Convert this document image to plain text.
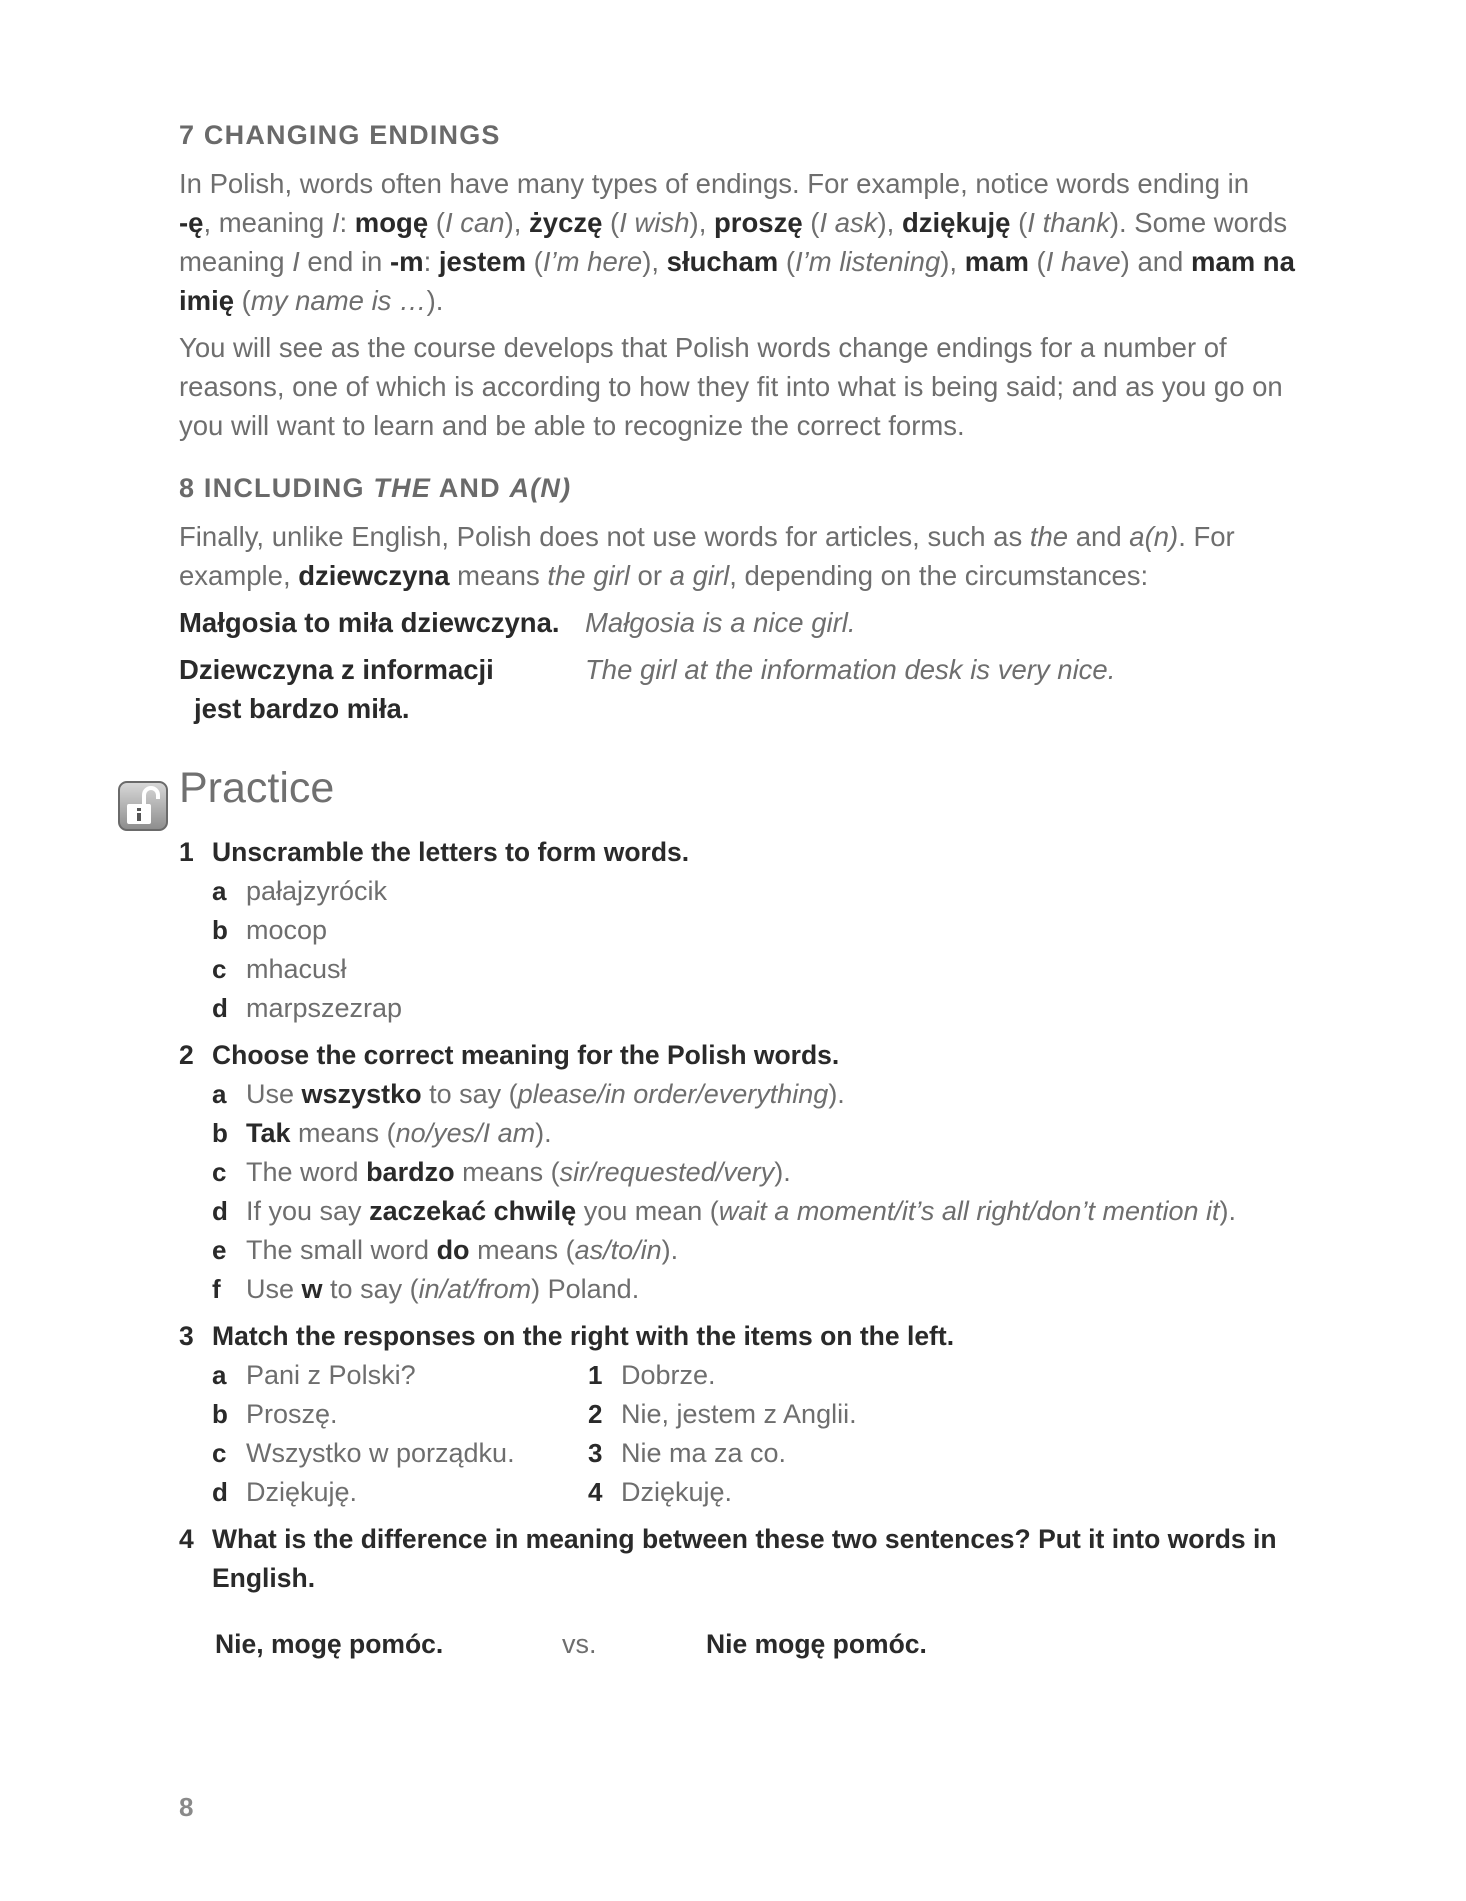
7 CHANGING ENDINGS
In Polish, words often have many types of endings. For example, notice words ending in
-ę, meaning I: mogę (I can), życzę (I wish), proszę (I ask), dziękuję (I thank). Some words
meaning I end in -m: jestem (I’m here), słucham (I’m listening), mam (I have) and mam na
imię (my name is …).
You will see as the course develops that Polish words change endings for a number of
reasons, one of which is according to how they fit into what is being said; and as you go on
you will want to learn and be able to recognize the correct forms.
8 INCLUDING THE AND A(N)
Finally, unlike English, Polish does not use words for articles, such as the and a(n). For
example, dziewczyna means the girl or a girl, depending on the circumstances:
Małgosia to miła dziewczyna. Małgosia is a nice girl.
Dziewczyna z informacji
jest bardzo miła.
The girl at the information desk is very nice.
Practice
1 Unscramble the letters to form words.
a pałajzyrócik
b mocop
c mhacusł
d marpszezrap
2 Choose the correct meaning for the Polish words.
a Use wszystko to say (please/in order/everything).
b Tak means (no/yes/I am).
c The word bardzo means (sir/requested/very).
d If you say zaczekać chwilę you mean (wait a moment/it’s all right/don’t mention it).
e The small word do means (as/to/in).
f Use w to say (in/at/from) Poland.
3 Match the responses on the right with the items on the left.
a Pani z Polski?	1 Dobrze.
b Proszę.	2 Nie, jestem z Anglii.
c Wszystko w porządku.	3 Nie ma za co.
d Dziękuję.	4 Dziękuję.
4 What is the difference in meaning between these two sentences? Put it into words in
English.
Nie, mogę pomóc.	vs.	Nie mogę pomóc.
8
